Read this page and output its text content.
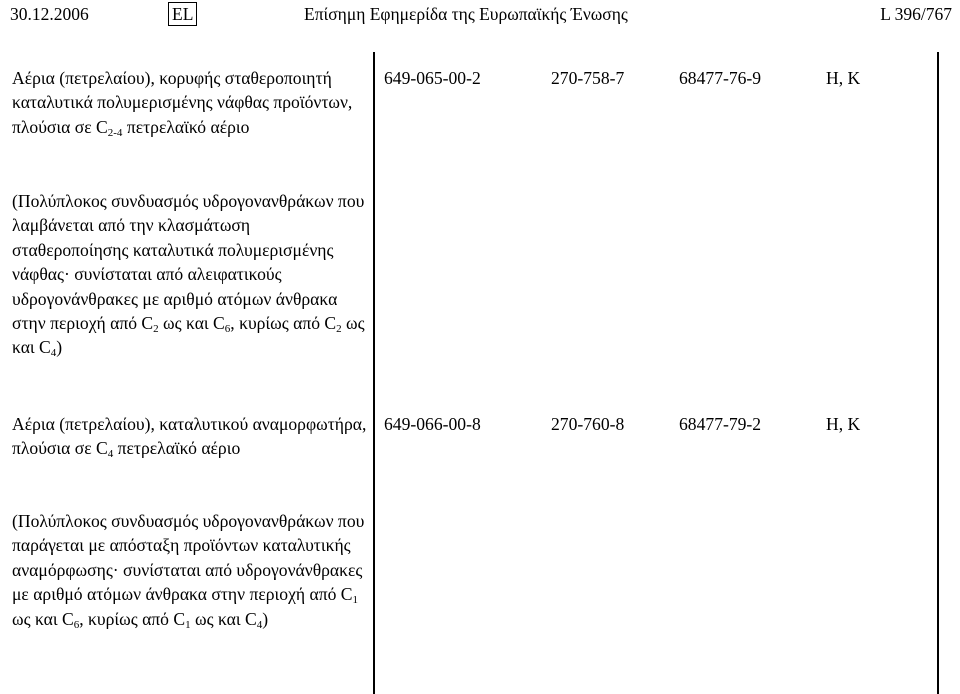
30.12.2006	EL	Επίσημη Εφημερίδα της Ευρωπαϊκής Ένωσης	L 396/767
Αέρια (πετρελαίου), κορυφής σταθεροποιητή καταλυτικά πολυμερισμένης νάφθας προϊόντων, πλούσια σε $C_{2-4}$ πετρελαϊκό αέριο
(Πολύπλοκος συνδυασμός υδρογονανθράκων που λαμβάνεται από την κλασμάτωση σταθεροποίησης καταλυτικά πολυμερισμένης νάφθας· συνίσταται από αλειφατικούς υδρογονάνθρακες με αριθμό ατόμων άνθρακα στην περιοχή από $C_2$ ως και $C_6$, κυρίως από $C_2$ ως και $C_4$)
649-065-00-2	270-758-7	68477-76-9	H, K
Αέρια (πετρελαίου), καταλυτικού αναμορφωτήρα, πλούσια σε $C_4$ πετρελαϊκό αέριο
(Πολύπλοκος συνδυασμός υδρογονανθράκων που παράγεται με απόσταξη προϊόντων καταλυτικής αναμόρφωσης· συνίσταται από υδρογονάνθρακες με αριθμό ατόμων άνθρακα στην περιοχή από $C_1$ ως και $C_6$, κυρίως από $C_1$ ως και $C_4$)
649-066-00-8	270-760-8	68477-79-2	H, K
